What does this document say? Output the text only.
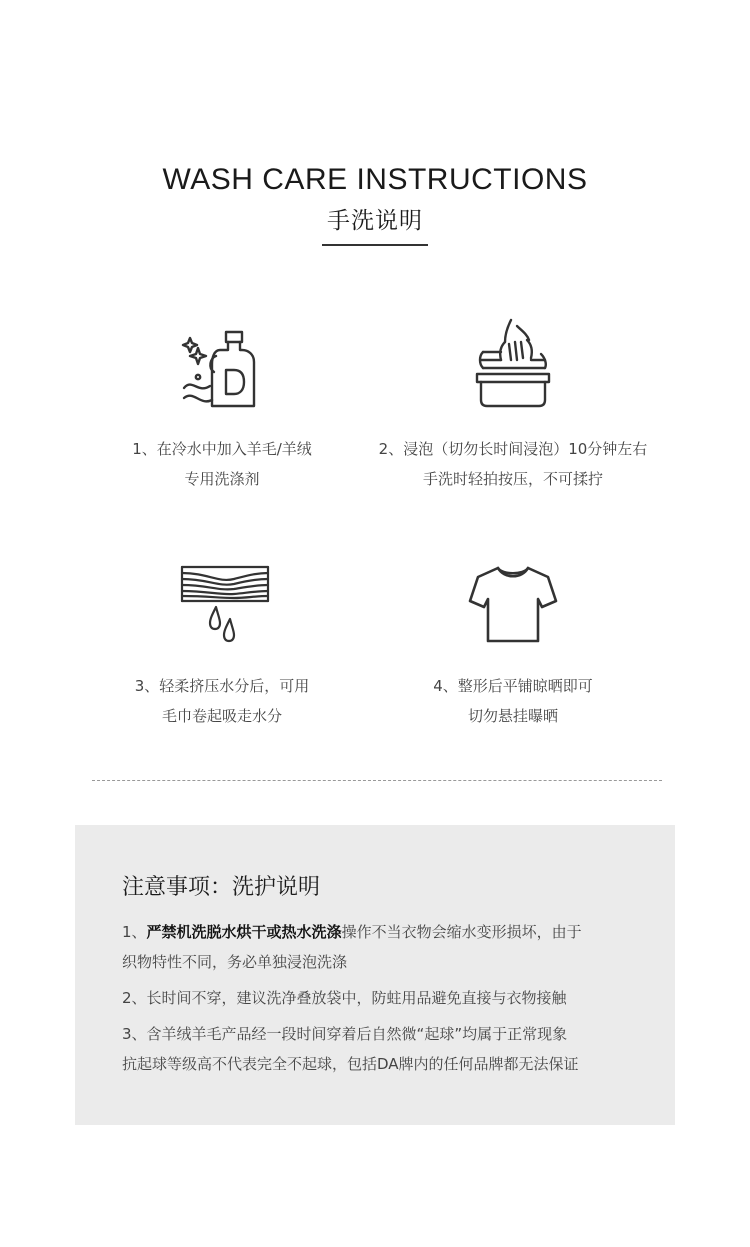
WASH CARE INSTRUCTIONS
手洗说明
1、在冷水中加入羊毛/羊绒
专用洗涤剂
2、浸泡（切勿长时间浸泡）10分钟左右
手洗时轻拍按压，不可揉拧
3、轻柔挤压水分后，可用
毛巾卷起吸走水分
4、整形后平铺晾晒即可
切勿悬挂曝晒
注意事项：洗护说明
1、严禁机洗脱水烘干或热水洗涤操作不当衣物会缩水变形损坏，由于
织物特性不同，务必单独浸泡洗涤
2、长时间不穿，建议洗净叠放袋中，防蛀用品避免直接与衣物接触
3、含羊绒羊毛产品经一段时间穿着后自然微“起球”均属于正常现象
抗起球等级高不代表完全不起球，包括DA牌内的任何品牌都无法保证
